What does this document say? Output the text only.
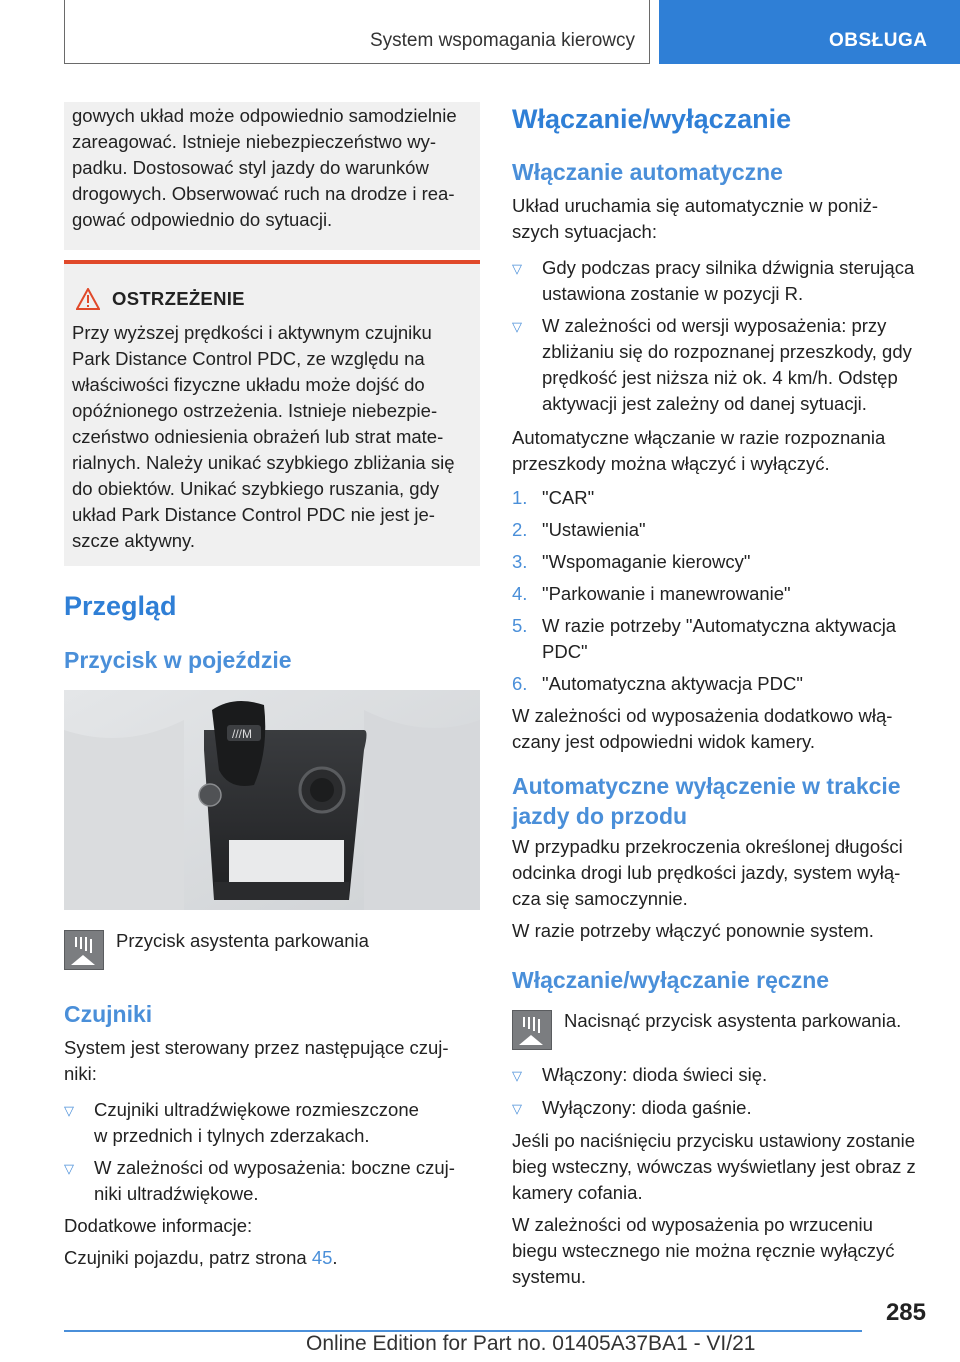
System wspomagania kierowcy	OBSŁUGA

gowych układ może odpowiednio samodzielnie

zareagować. Istnieje niebezpieczeństwo wy-

padku. Dostosować styl jazdy do warunków

drogowych. Obserwować ruch na drodze i rea-

gować odpowiednio do sytuacji.

OSTRZEŻENIE

Przy wyższej prędkości i aktywnym czujniku

Park Distance Control PDC, ze względu na

właściwości fizyczne układu może dojść do

opóźnionego ostrzeżenia. Istnieje niebezpie-

czeństwo odniesienia obrażeń lub strat mate-

rialnych. Należy unikać szybkiego zbliżania się

do obiektów. Unikać szybkiego ruszania, gdy

układ Park Distance Control PDC nie jest je-

szcze aktywny.

Przegląd
Przycisk w pojeździe
///M

Przycisk asystenta parkowania

Czujniki

System jest sterowany przez następujące czuj-

niki:

▽	Czujniki ultradźwiękowe rozmieszczone

w przednich i tylnych zderzakach.

▽	W zależności od wyposażenia: boczne czuj-

niki ultradźwiękowe.

Dodatkowe informacje:

Czujniki pojazdu, patrz strona 45.

Włączanie/wyłączanie
Włączanie automatyczne

Układ uruchamia się automatycznie w poniż-

szych sytuacjach:

▽	Gdy podczas pracy silnika dźwignia sterująca

ustawiona zostanie w pozycji R.

▽	W zależności od wersji wyposażenia: przy

zbliżaniu się do rozpoznanej przeszkody, gdy

prędkość jest niższa niż ok. 4 km/h. Odstęp

aktywacji jest zależny od danej sytuacji.

Automatyczne włączanie w razie rozpoznania

przeszkody można włączyć i wyłączyć.

1. "CAR"

2. "Ustawienia"

3. "Wspomaganie kierowcy"

4. "Parkowanie i manewrowanie"

5. W razie potrzeby "Automatyczna aktywacja

PDC"

6. "Automatyczna aktywacja PDC"

W zależności od wyposażenia dodatkowo włą-

czany jest odpowiedni widok kamery.

Automatyczne wyłączenie w trakcie
jazdy do przodu

W przypadku przekroczenia określonej długości

odcinka drogi lub prędkości jazdy, system wyłą-

cza się samoczynnie.

W razie potrzeby włączyć ponownie system.

Włączanie/wyłączanie ręczne

Nacisnąć przycisk asystenta parkowania.

▽	Włączony: dioda świeci się.

▽	Wyłączony: dioda gaśnie.

Jeśli po naciśnięciu przycisku ustawiony zostanie

bieg wsteczny, wówczas wyświetlany jest obraz z

kamery cofania.

W zależności od wyposażenia po wrzuceniu

biegu wstecznego nie można ręcznie wyłączyć

systemu.

285
Online Edition for Part no. 01405A37BA1 - VI/21
